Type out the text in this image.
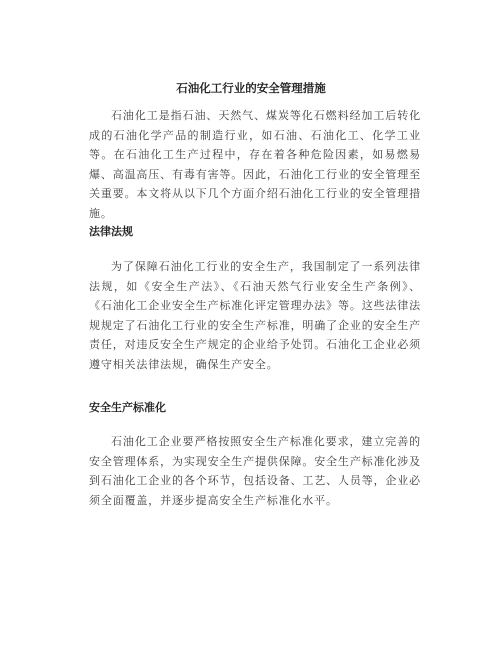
石油化工行业的安全管理措施

石油化工是指石油、天然气、煤炭等化石燃料经加工后转化成的石油化学产品的制造行业，如石油、石油化工、化学工业等。在石油化工生产过程中，存在着各种危险因素，如易燃易爆、高温高压、有毒有害等。因此，石油化工行业的安全管理至关重要。本文将从以下几个方面介绍石油化工行业的安全管理措施。

法律法规

为了保障石油化工行业的安全生产，我国制定了一系列法律法规，如《安全生产法》、《石油天然气行业安全生产条例》、《石油化工企业安全生产标准化评定管理办法》等。这些法律法规规定了石油化工行业的安全生产标准，明确了企业的安全生产责任，对违反安全生产规定的企业给予处罚。石油化工企业必须遵守相关法律法规，确保生产安全。

安全生产标准化

石油化工企业要严格按照安全生产标准化要求，建立完善的安全管理体系，为实现安全生产提供保障。安全生产标准化涉及到石油化工企业的各个环节，包括设备、工艺、人员等，企业必须全面覆盖，并逐步提高安全生产标准化水平。
